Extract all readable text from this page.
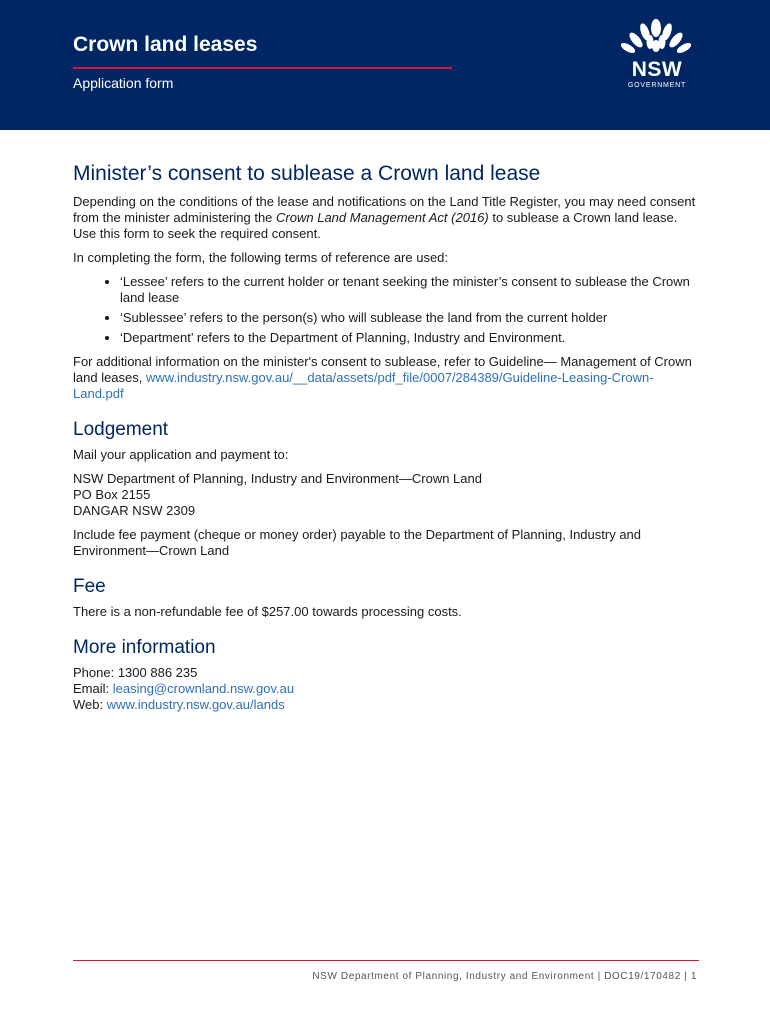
Crown land leases
Application form
NSW
GOVERNMENT
Minister’s consent to sublease a Crown land lease

Depending on the conditions of the lease and notifications on the Land Title Register, you may need consent from the minister administering the Crown Land Management Act (2016) to sublease a Crown land lease. Use this form to seek the required consent.

In completing the form, the following terms of reference are used:

• ‘Lessee’ refers to the current holder or tenant seeking the minister’s consent to sublease the Crown land lease
• ‘Sublessee’ refers to the person(s) who will sublease the land from the current holder
• ‘Department’ refers to the Department of Planning, Industry and Environment.

For additional information on the minister's consent to sublease, refer to Guideline— Management of Crown land leases, www.industry.nsw.gov.au/__data/assets/pdf_file/0007/284389/Guideline-Leasing-Crown-Land.pdf

Lodgement

Mail your application and payment to:

NSW Department of Planning, Industry and Environment—Crown Land
PO Box 2155
DANGAR NSW 2309

Include fee payment (cheque or money order) payable to the Department of Planning, Industry and Environment—Crown Land

Fee

There is a non-refundable fee of $257.00 towards processing costs.

More information
Phone: 1300 886 235
Email: leasing@crownland.nsw.gov.au
Web: www.industry.nsw.gov.au/lands
NSW Department of Planning, Industry and Environment | DOC19/170482 | 1
